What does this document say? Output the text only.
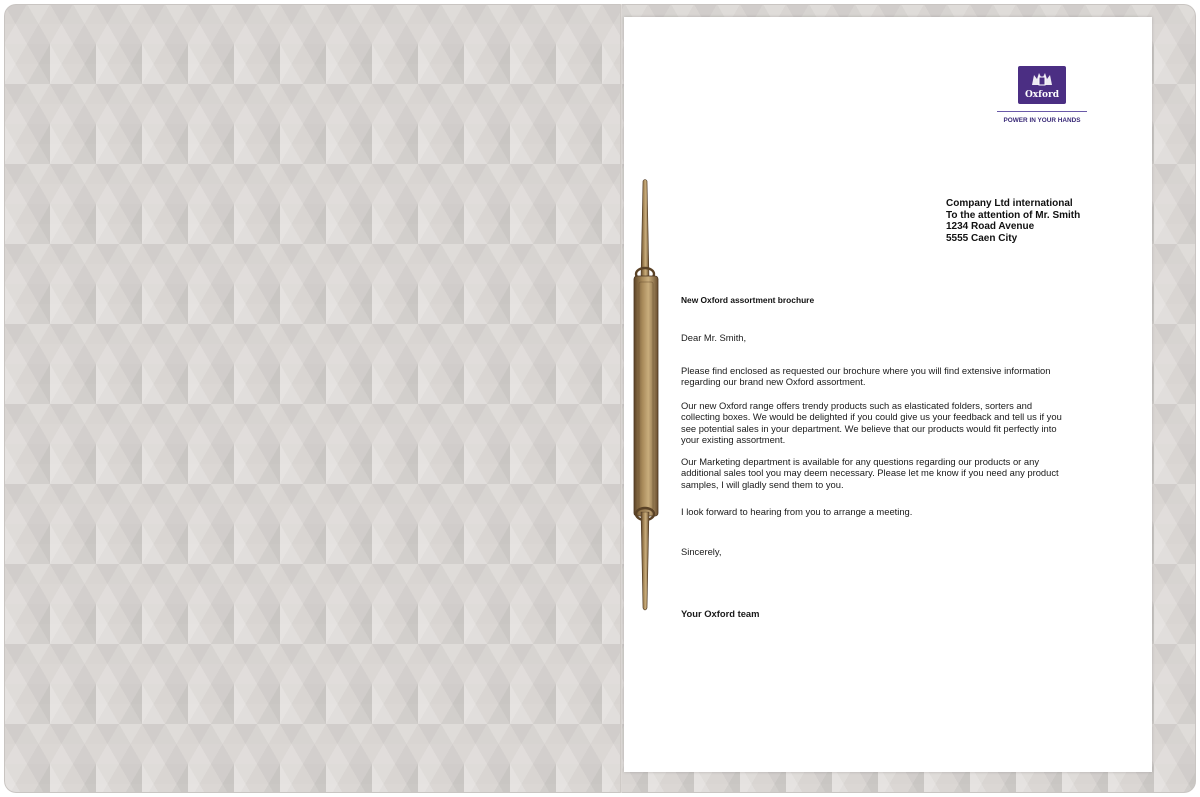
Oxford
POWER IN YOUR HANDS
Company Ltd international
To the attention of Mr. Smith
1234 Road Avenue
5555 Caen City
New Oxford assortment brochure
Dear Mr. Smith,
Please find enclosed as requested our brochure where you will find extensive information
regarding our brand new Oxford assortment.
Our new Oxford range offers trendy products such as elasticated folders, sorters and
collecting boxes. We would be delighted if you could give us your feedback and tell us if you
see potential sales in your department. We believe that our products would fit perfectly into
your existing assortment.
Our Marketing department is available for any questions regarding our products or any
additional sales tool you may deem necessary. Please let me know if you need any product
samples, I will gladly send them to you.
I look forward to hearing from you to arrange a meeting.
Sincerely,
Your Oxford team
